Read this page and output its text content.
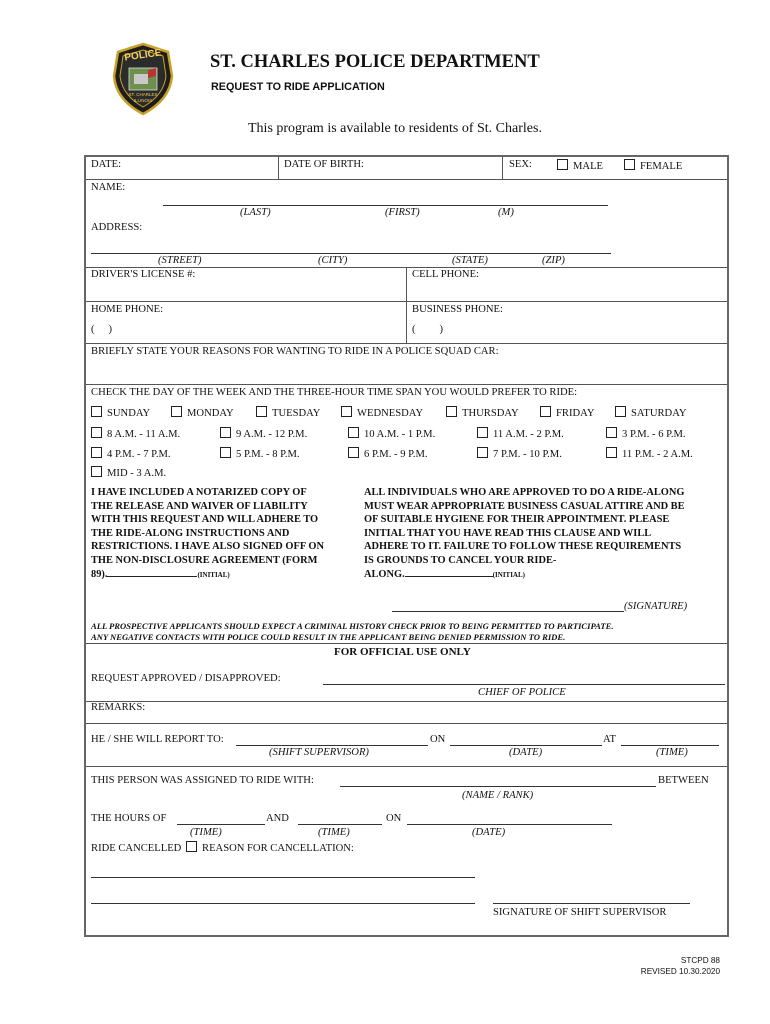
POLICE
ST. CHARLES
ILLINOIS
ST. CHARLES POLICE DEPARTMENT
REQUEST TO RIDE APPLICATION
This program is available to residents of St. Charles.
DATE:	DATE OF BIRTH:	SEX:	MALE	FEMALE
NAME:
(LAST)	(FIRST)	(M)
ADDRESS:
(STREET)	(CITY)	(STATE)	(ZIP)
DRIVER'S LICENSE #:	CELL PHONE:
HOME PHONE:
( )
BUSINESS PHONE:
( )
BRIEFLY STATE YOUR REASONS FOR WANTING TO RIDE IN A POLICE SQUAD CAR:
CHECK THE DAY OF THE WEEK AND THE THREE-HOUR TIME SPAN YOU WOULD PREFER TO RIDE:
SUNDAY	MONDAY	TUESDAY	WEDNESDAY	THURSDAY	FRIDAY	SATURDAY
8 A.M. - 11 A.M.	9 A.M. - 12 P.M.	10 A.M. - 1 P.M.	11 A.M. - 2 P.M.	3 P.M. - 6 P.M.
4 P.M. - 7 P.M.	5 P.M. - 8 P.M.	6 P.M. - 9 P.M.	7 P.M. - 10 P.M.	11 P.M. - 2 A.M.
MID - 3 A.M.
I HAVE INCLUDED A NOTARIZED COPY OF
THE RELEASE AND WAIVER OF LIABILITY
WITH THIS REQUEST AND WILL ADHERE TO
THE RIDE-ALONG INSTRUCTIONS AND
RESTRICTIONS. I HAVE ALSO SIGNED OFF ON
THE NON-DISCLOSURE AGREEMENT (FORM
89).	(INITIAL)
ALL INDIVIDUALS WHO ARE APPROVED TO DO A RIDE-ALONG
MUST WEAR APPROPRIATE BUSINESS CASUAL ATTIRE AND BE
OF SUITABLE HYGIENE FOR THEIR APPOINTMENT. PLEASE
INITIAL THAT YOU HAVE READ THIS CLAUSE AND WILL
ADHERE TO IT. FAILURE TO FOLLOW THESE REQUIREMENTS
IS GROUNDS TO CANCEL YOUR RIDE-
ALONG.	(INITIAL)
(SIGNATURE)
ALL PROSPECTIVE APPLICANTS SHOULD EXPECT A CRIMINAL HISTORY CHECK PRIOR TO BEING PERMITTED TO PARTICIPATE.
ANY NEGATIVE CONTACTS WITH POLICE COULD RESULT IN THE APPLICANT BEING DENIED PERMISSION TO RIDE.
FOR OFFICIAL USE ONLY
REQUEST APPROVED / DISAPPROVED:
CHIEF OF POLICE
REMARKS:
HE / SHE WILL REPORT TO:	ON	AT
(SHIFT SUPERVISOR)	(DATE)	(TIME)
THIS PERSON WAS ASSIGNED TO RIDE WITH:	BETWEEN
(NAME / RANK)
THE HOURS OF	AND	ON
(TIME)	(TIME)	(DATE)
RIDE CANCELLED REASON FOR CANCELLATION:
SIGNATURE OF SHIFT SUPERVISOR
STCPD 88
REVISED 10.30.2020
